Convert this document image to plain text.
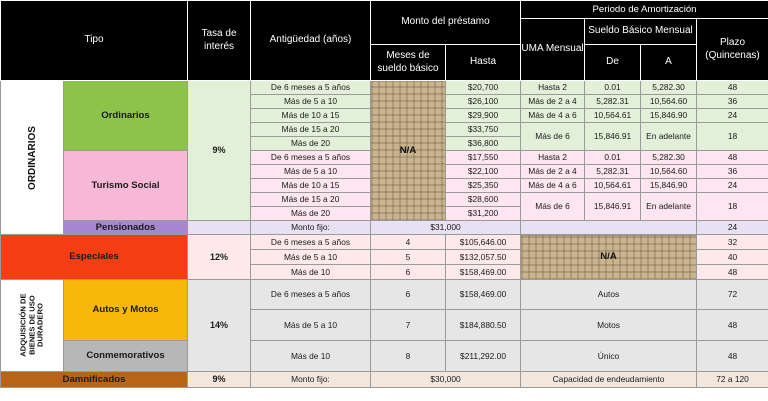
Tipo		Tasa de interés	Antigüedad (años)	Monto del préstamo		Periodo de Amortización			
						UMA Mensual	Sueldo Básico Mensual		Plazo (Quincenas)
				Meses de sueldo básico	Hasta		De	A	

ORDINARIOS	Ordinarios	9%	De 6 meses a 5 años	N/A	$20,700	Hasta 2	0.01	5,282.30	48
			Más de 5 a 10		$26,100	Más de 2 a 4	5,282.31	10,564.60	36
			Más de 10 a 15		$29,900	Más de 4 a 6	10,564.61	15,846.90	24
			Más de 15 a 20		$33,750	Más de 6	15,846.91	En adelante	18
			Más de 20		$36,800				
	Turismo Social		De 6 meses a 5 años		$17,550	Hasta 2	0.01	5,282.30	48
			Más de 5 a 10		$22,100	Más de 2 a 4	5,282.31	10,564.60	36
			Más de 10 a 15		$25,350	Más de 4 a 6	10,564.61	15,846.90	24
			Más de 15 a 20		$28,600	Más de 6	15,846.91	En adelante	18
			Más de 20		$31,200				
	Pensionados		Monto fijo:	$31,000					24
Especiales		12%	De 6 meses a 5 años	4	$105,646.00	N/A			32
			Más de 5 a 10	5	$132,057.50				40
			Más de 10	6	$158,469.00				48

ADQUISICIÓN DE BIENES DE USO DURADERO	Autos y Motos	14%	De 6 meses a 5 años	6	$158,469.00	Autos			72
			Más de 5 a 10	7	$184,880.50	Motos			48
	Conmemorativos		Más de 10	8	$211,292.00	Único			48
Damnificados		9%	Monto fijo:	$30,000		Capacidad de endeudamiento			72 a 120
